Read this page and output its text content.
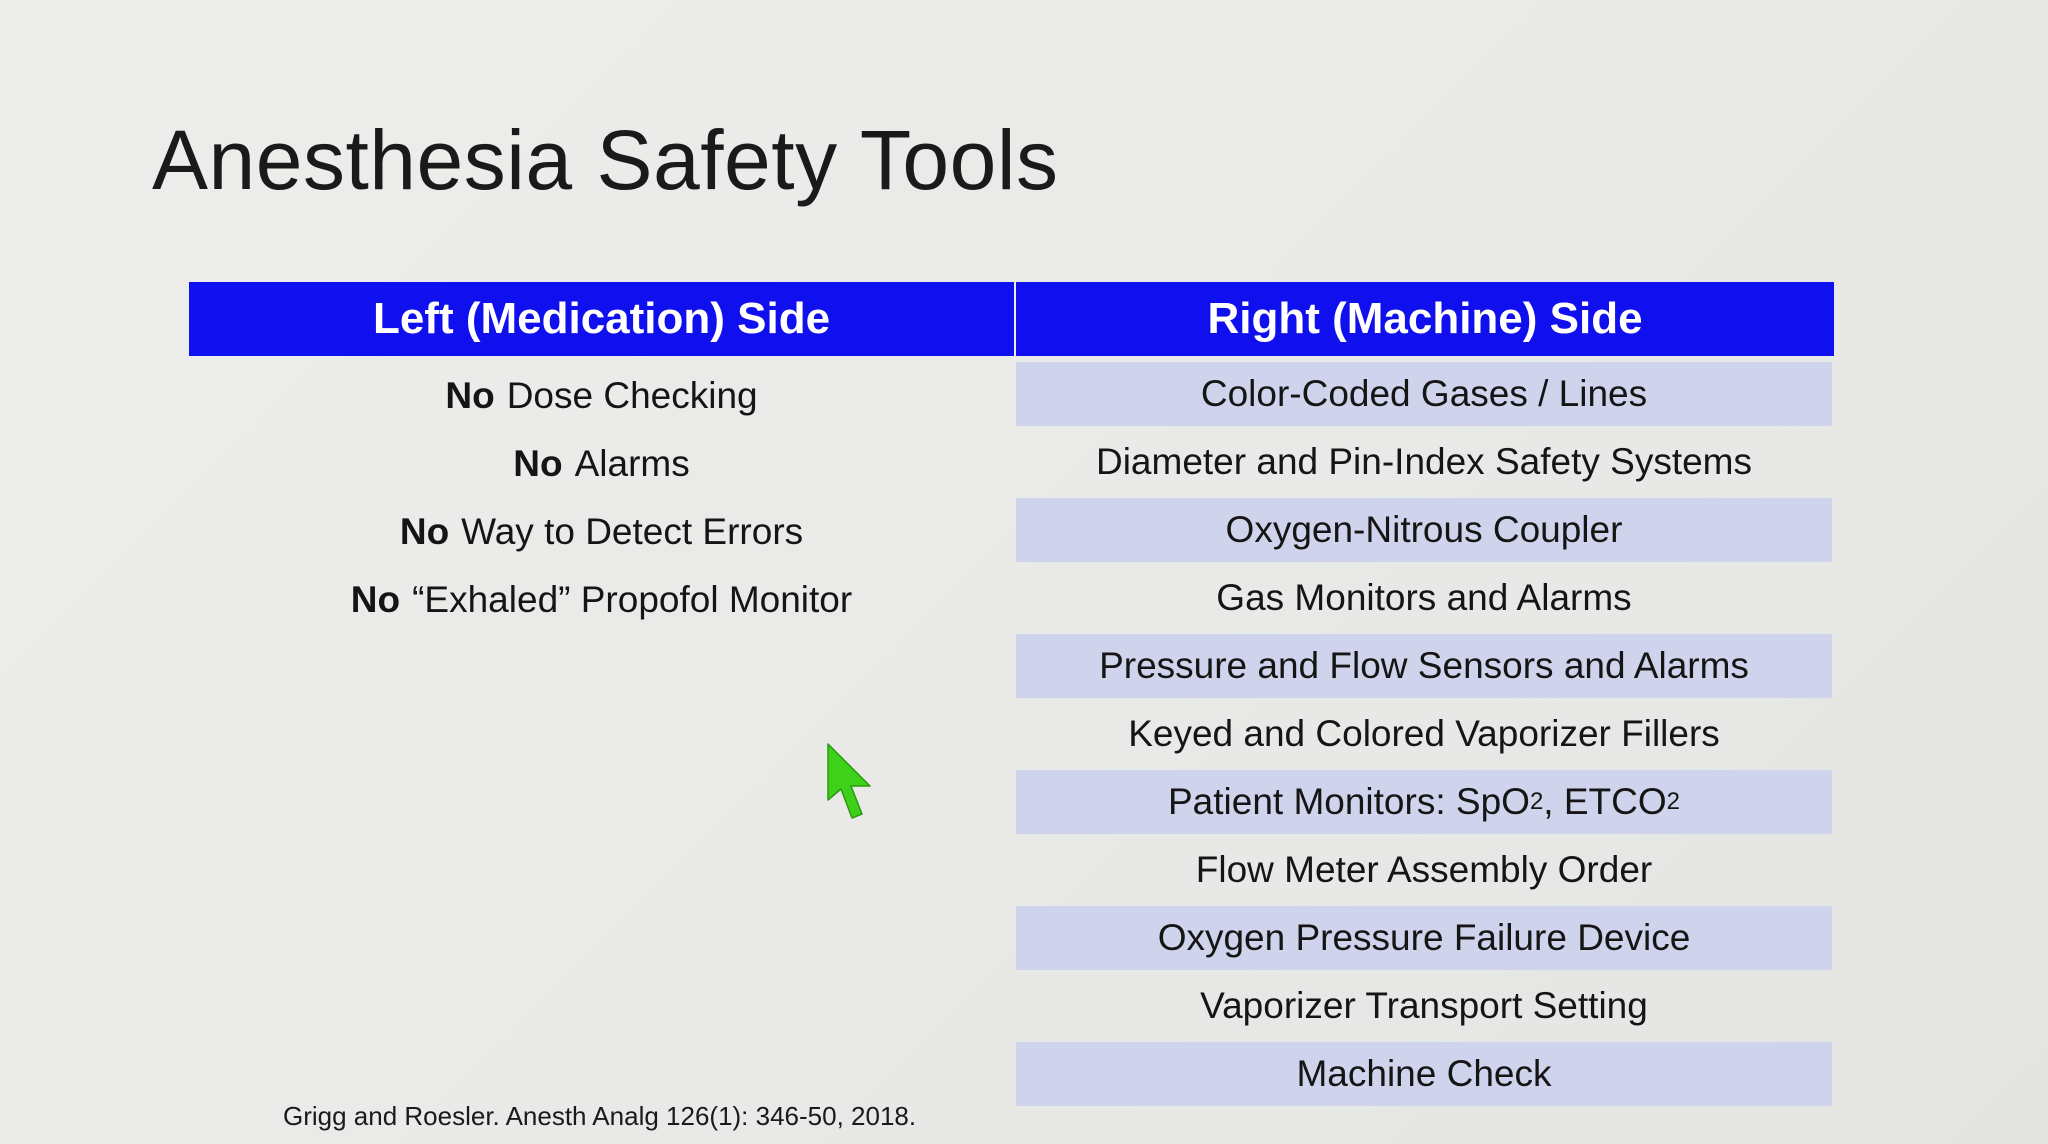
Anesthesia Safety Tools
Left (Medication) Side	Right (Machine) Side
No Dose Checking
No Alarms
No Way to Detect Errors
No “Exhaled” Propofol Monitor
Color-Coded Gases / Lines
Diameter and Pin-Index Safety Systems
Oxygen-Nitrous Coupler
Gas Monitors and Alarms
Pressure and Flow Sensors and Alarms
Keyed and Colored Vaporizer Fillers
Patient Monitors: SpO 2 , ETCO 2
Flow Meter Assembly Order
Oxygen Pressure Failure Device
Vaporizer Transport Setting
Machine Check
Grigg and Roesler. Anesth Analg 126(1): 346-50, 2018.
